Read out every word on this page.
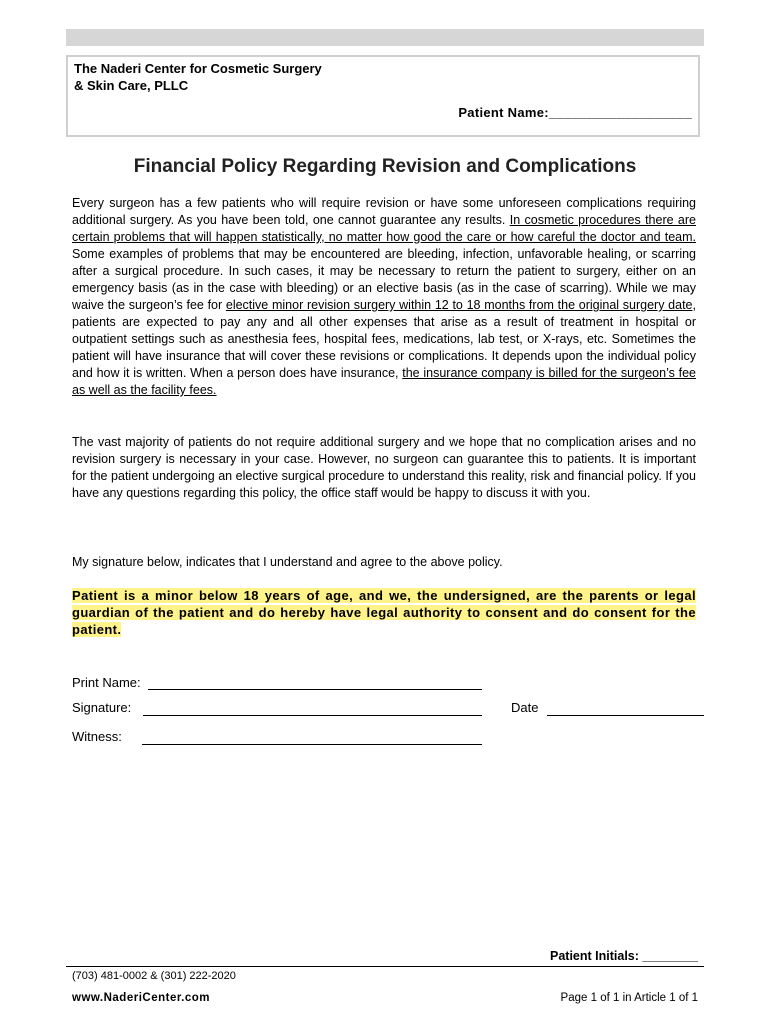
The Naderi Center for Cosmetic Surgery
& Skin Care, PLLC
Patient Name:___________________
Financial Policy Regarding Revision and Complications

Every surgeon has a few patients who will require revision or have some unforeseen complications requiring additional surgery. As you have been told, one cannot guarantee any results. In cosmetic procedures there are certain problems that will happen statistically, no matter how good the care or how careful the doctor and team. Some examples of problems that may be encountered are bleeding, infection, unfavorable healing, or scarring after a surgical procedure. In such cases, it may be necessary to return the patient to surgery, either on an emergency basis (as in the case with bleeding) or an elective basis (as in the case of scarring). While we may waive the surgeon’s fee for elective minor revision surgery within 12 to 18 months from the original surgery date, patients are expected to pay any and all other expenses that arise as a result of treatment in hospital or outpatient settings such as anesthesia fees, hospital fees, medications, lab test, or X-rays, etc. Sometimes the patient will have insurance that will cover these revisions or complications. It depends upon the individual policy and how it is written. When a person does have insurance, the insurance company is billed for the surgeon’s fee as well as the facility fees.

The vast majority of patients do not require additional surgery and we hope that no complication arises and no revision surgery is necessary in your case. However, no surgeon can guarantee this to patients. It is important for the patient undergoing an elective surgical procedure to understand this reality, risk and financial policy. If you have any questions regarding this policy, the office staff would be happy to discuss it with you.

My signature below, indicates that I understand and agree to the above policy.

Patient is a minor below 18 years of age, and we, the undersigned, are the parents or legal guardian of the patient and do hereby have legal authority to consent and do consent for the patient.

Print Name:
Signature:	Date
Witness:
Patient Initials: ________
(703) 481-0002 & (301) 222-2020
www.NaderiCenter.com	Page 1 of 1 in Article 1 of 1
